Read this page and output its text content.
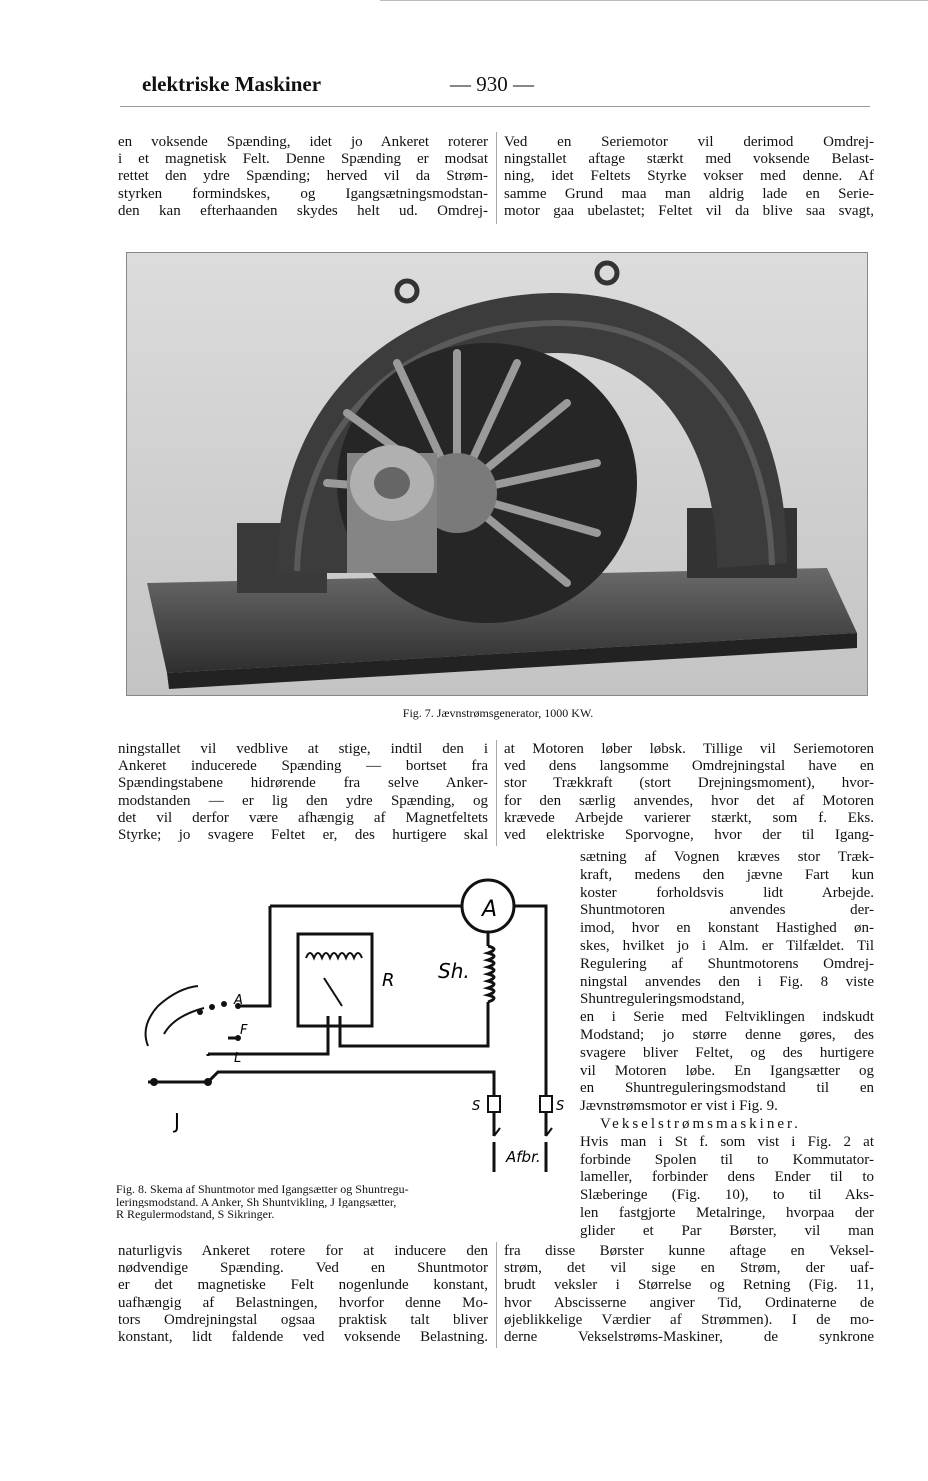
elektriske Maskiner	— 930 —
en voksende Spænding, idet jo Ankeret roterer
i et magnetisk Felt. Denne Spænding er modsat
rettet den ydre Spænding; herved vil da Strøm-
styrken formindskes, og Igangsætningsmodstan-
den kan efterhaanden skydes helt ud. Omdrej-
Ved en Seriemotor vil derimod Omdrej-
ningstallet aftage stærkt med voksende Belast-
ning, idet Feltets Styrke vokser med denne. Af
samme Grund maa man aldrig lade en Serie-
motor gaa ubelastet; Feltet vil da blive saa svagt,
Fig. 7. Jævnstrømsgenerator, 1000 KW.
ningstallet vil vedblive at stige, indtil den i
Ankeret inducerede Spænding — bortset fra
Spændingstabene hidrørende fra selve Anker-
modstanden — er lig den ydre Spænding, og
det vil derfor være afhængig af Magnetfeltets
Styrke; jo svagere Feltet er, des hurtigere skal
at Motoren løber løbsk. Tillige vil Seriemotoren
ved dens langsomme Omdrejningstal have en
stor Trækkraft (stort Drejningsmoment), hvor-
for den særlig anvendes, hvor det af Motoren
krævede Arbejde varierer stærkt, som f. Eks.
ved elektriske Sporvogne, hvor der til Igang-
A
Sh.
R
J
A
F
L
S	S
Afbr.
Fig. 8. Skema af Shuntmotor med Igangsætter og Shuntregu-
leringsmodstand. A Anker, Sh Shuntvikling, J Igangsætter,
R Regulermodstand, S Sikringer.
sætning af Vognen kræves stor Træk-
kraft, medens den jævne Fart kun
koster forholdsvis lidt Arbejde.
Shuntmotoren anvendes der-
imod, hvor en konstant Hastighed øn-
skes, hvilket jo i Alm. er Tilfældet. Til
Regulering af Shuntmotorens Omdrej-
ningstal anvendes den i Fig. 8 viste
Shuntreguleringsmodstand,
en i Serie med Feltviklingen indskudt
Modstand; jo større denne gøres, des
svagere bliver Feltet, og des hurtigere
vil Motoren løbe. En Igangsætter og
en Shuntreguleringsmodstand til en
Jævnstrømsmotor er vist i Fig. 9.
Vekselstrømsmaskiner.
Hvis man i St f. som vist i Fig. 2 at
forbinde Spolen til to Kommutator-
lameller, forbinder dens Ender til to
Slæberinge (Fig. 10), to til Aks-
len fastgjorte Metalringe, hvorpaa der
glider et Par Børster, vil man
naturligvis Ankeret rotere for at inducere den
nødvendige Spænding. Ved en Shuntmotor
er det magnetiske Felt nogenlunde konstant,
uafhængig af Belastningen, hvorfor denne Mo-
tors Omdrejningstal ogsaa praktisk talt bliver
konstant, lidt faldende ved voksende Belastning.
fra disse Børster kunne aftage en Veksel-
strøm, det vil sige en Strøm, der uaf-
brudt veksler i Størrelse og Retning (Fig. 11,
hvor Abscisserne angiver Tid, Ordinaterne de
øjeblikkelige Værdier af Strømmen). I de mo-
derne Vekselstrøms-Maskiner, de synkrone
